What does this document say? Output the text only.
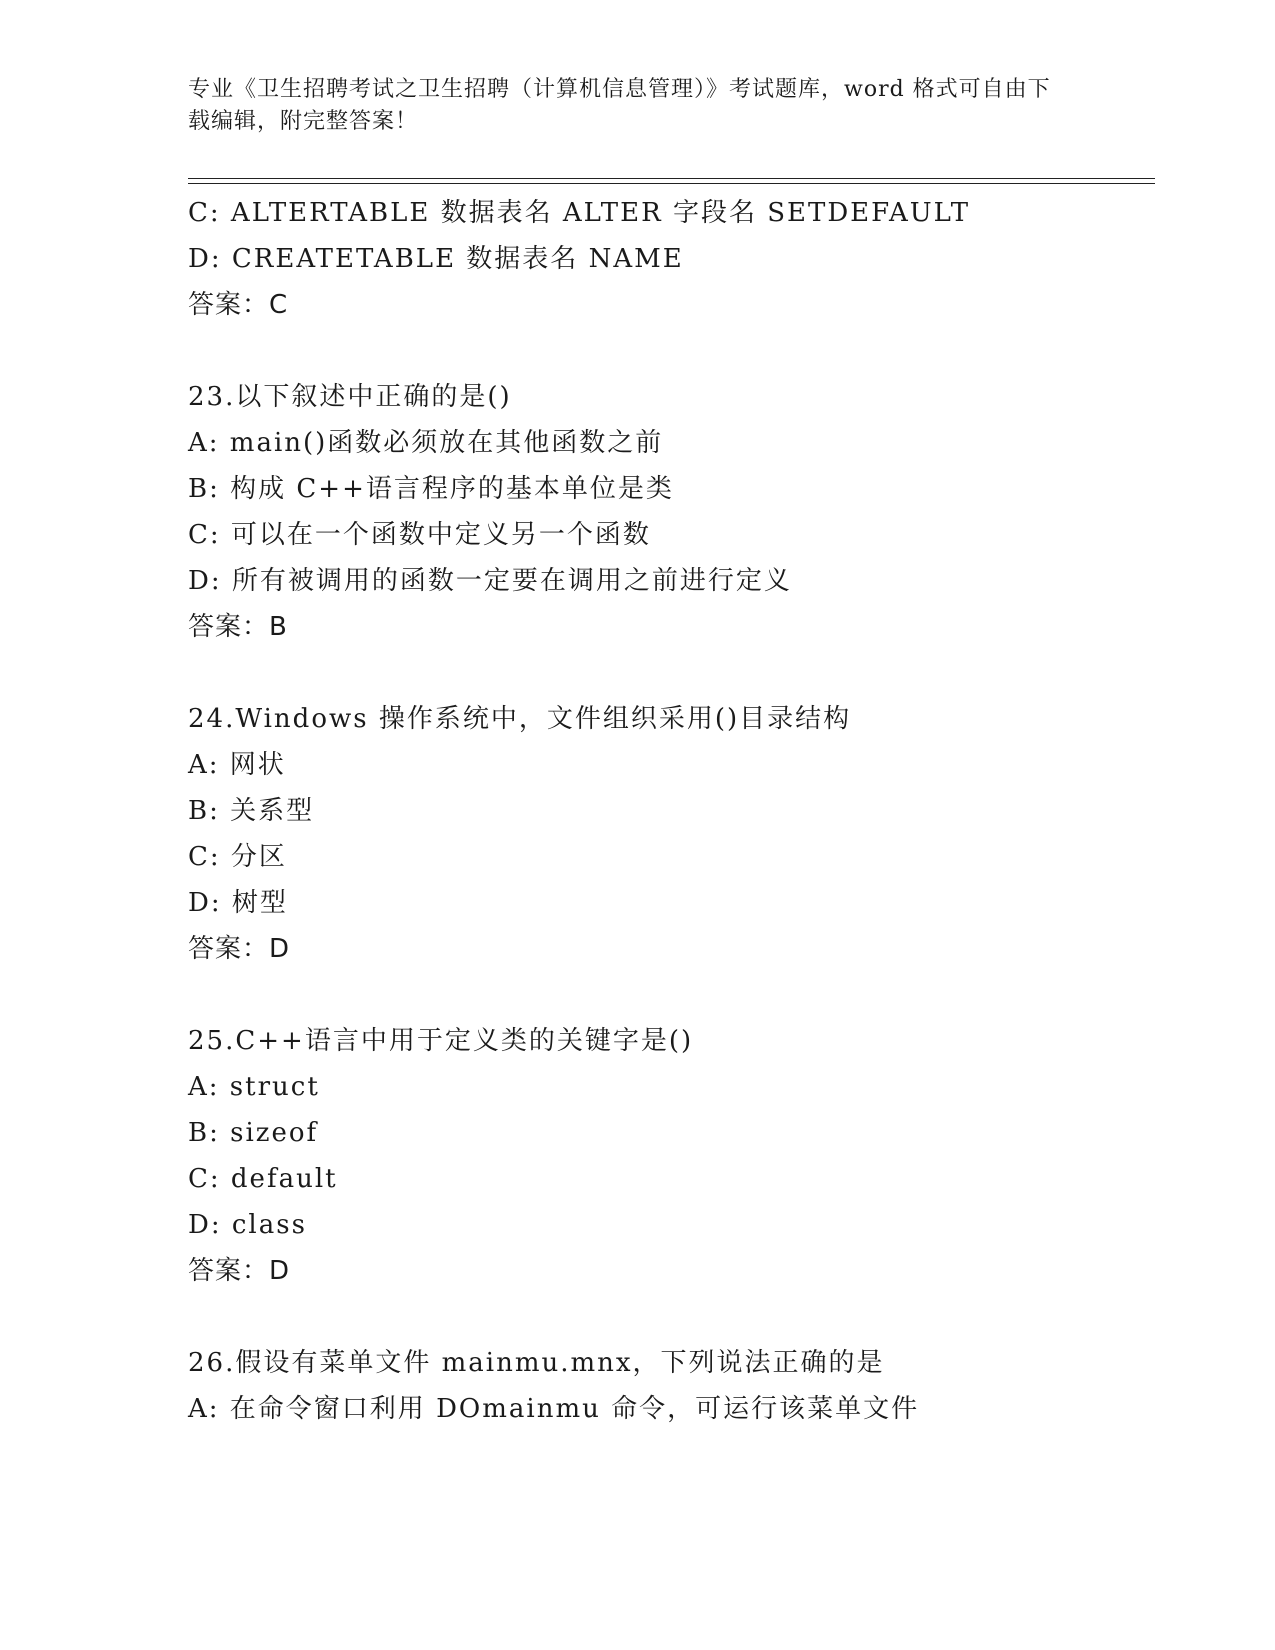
专业《卫生招聘考试之卫生招聘（计算机信息管理）》考试题库，word 格式可自由下载编辑，附完整答案！
C: ALTERTABLE 数据表名 ALTER 字段名 SETDEFAULT
D: CREATETABLE 数据表名 NAME
答案：C
23.以下叙述中正确的是()
A: main()函数必须放在其他函数之前
B: 构成 C++语言程序的基本单位是类
C: 可以在一个函数中定义另一个函数
D: 所有被调用的函数一定要在调用之前进行定义
答案：B
24.Windows 操作系统中，文件组织采用()目录结构
A: 网状
B: 关系型
C: 分区
D: 树型
答案：D
25.C++语言中用于定义类的关键字是()
A: struct
B: sizeof
C: default
D: class
答案：D
26.假设有菜单文件 mainmu.mnx，下列说法正确的是
A: 在命令窗口利用 DOmainmu 命令，可运行该菜单文件
